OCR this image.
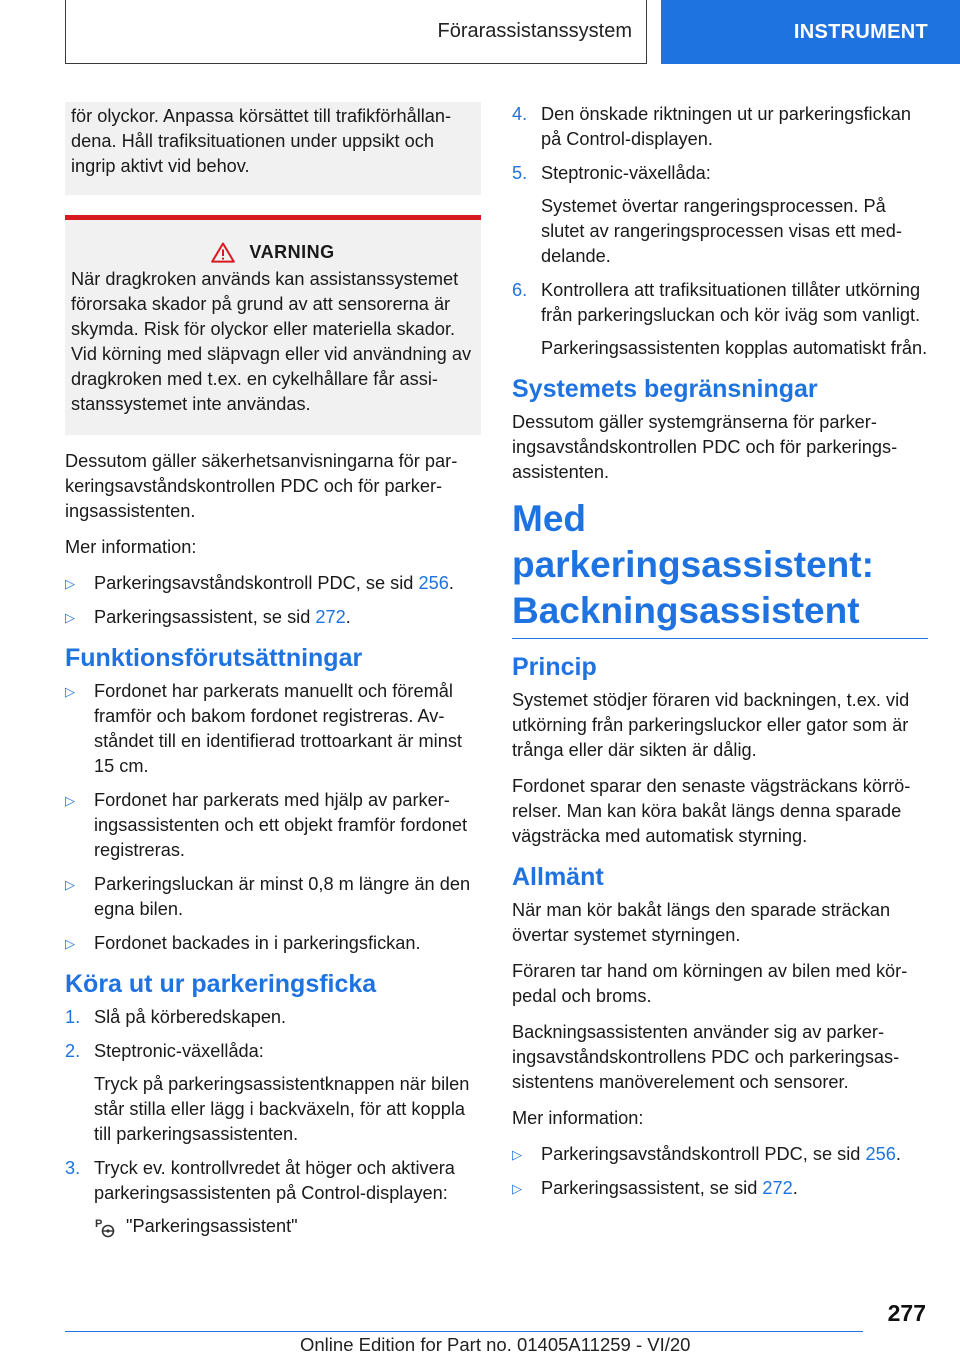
Förarassistanssystem	INSTRUMENT

för olyckor. Anpassa körsättet till trafikförhållandena. Håll trafiksituationen under uppsikt och ingrip aktivt vid behov.

VARNING

När dragkroken används kan assistanssystemet förorsaka skador på grund av att sensorerna är skymda. Risk för olyckor eller materiella skador. Vid körning med släpvagn eller vid användning av dragkroken med t.ex. en cykelhållare får assistanssystemet inte användas.

Dessutom gäller säkerhetsanvisningarna för parkeringsavståndskontrollen PDC och för parkeringsassistenten.

Mer information:

▷	Parkeringsavståndskontroll PDC, se sid 256.
▷	Parkeringsassistent, se sid 272.
Funktionsförutsättningar
▷	Fordonet har parkerats manuellt och föremål framför och bakom fordonet registreras. Avståndet till en identifierad trottoarkant är minst 15 cm.
▷	Fordonet har parkerats med hjälp av parkeringsassistenten och ett objekt framför fordonet registreras.
▷	Parkeringsluckan är minst 0,8 m längre än den egna bilen.
▷	Fordonet backades in i parkeringsfickan.
Köra ut ur parkeringsficka
1. Slå på körberedskapen.

2. Steptronic-växellåda:

Tryck på parkeringsassistentknappen när bilen står stilla eller lägg i backväxeln, för att koppla till parkeringsassistenten.

3. Tryck ev. kontrollvredet åt höger och aktivera parkeringsassistenten på Control-displayen:

P "Parkeringsassistent"

4. Den önskade riktningen ut ur parkeringsfickan på Control-displayen.

5. Steptronic-växellåda:

Systemet övertar rangeringsprocessen. På slutet av rangeringsprocessen visas ett meddelande.

6. Kontrollera att trafiksituationen tillåter utkörning från parkeringsluckan och kör iväg som vanligt.

Parkeringsassistenten kopplas automatiskt från.

Systemets begränsningar

Dessutom gäller systemgränserna för parkeringsavståndskontrollen PDC och för parkeringsassistenten.

Med parkeringsassistent: Backningsassistent
Princip

Systemet stödjer föraren vid backningen, t.ex. vid utkörning från parkeringsluckor eller gator som är trånga eller där sikten är dålig.

Fordonet sparar den senaste vägsträckans körrörelser. Man kan köra bakåt längs denna sparade vägsträcka med automatisk styrning.

Allmänt

När man kör bakåt längs den sparade sträckan övertar systemet styrningen.

Föraren tar hand om körningen av bilen med körpedal och broms.

Backningsassistenten använder sig av parkeringsavståndskontrollens PDC och parkeringsassistentens manöverelement och sensorer.

Mer information:

▷	Parkeringsavståndskontroll PDC, se sid 256.
▷	Parkeringsassistent, se sid 272.
277
Online Edition for Part no. 01405A11259 - VI/20
